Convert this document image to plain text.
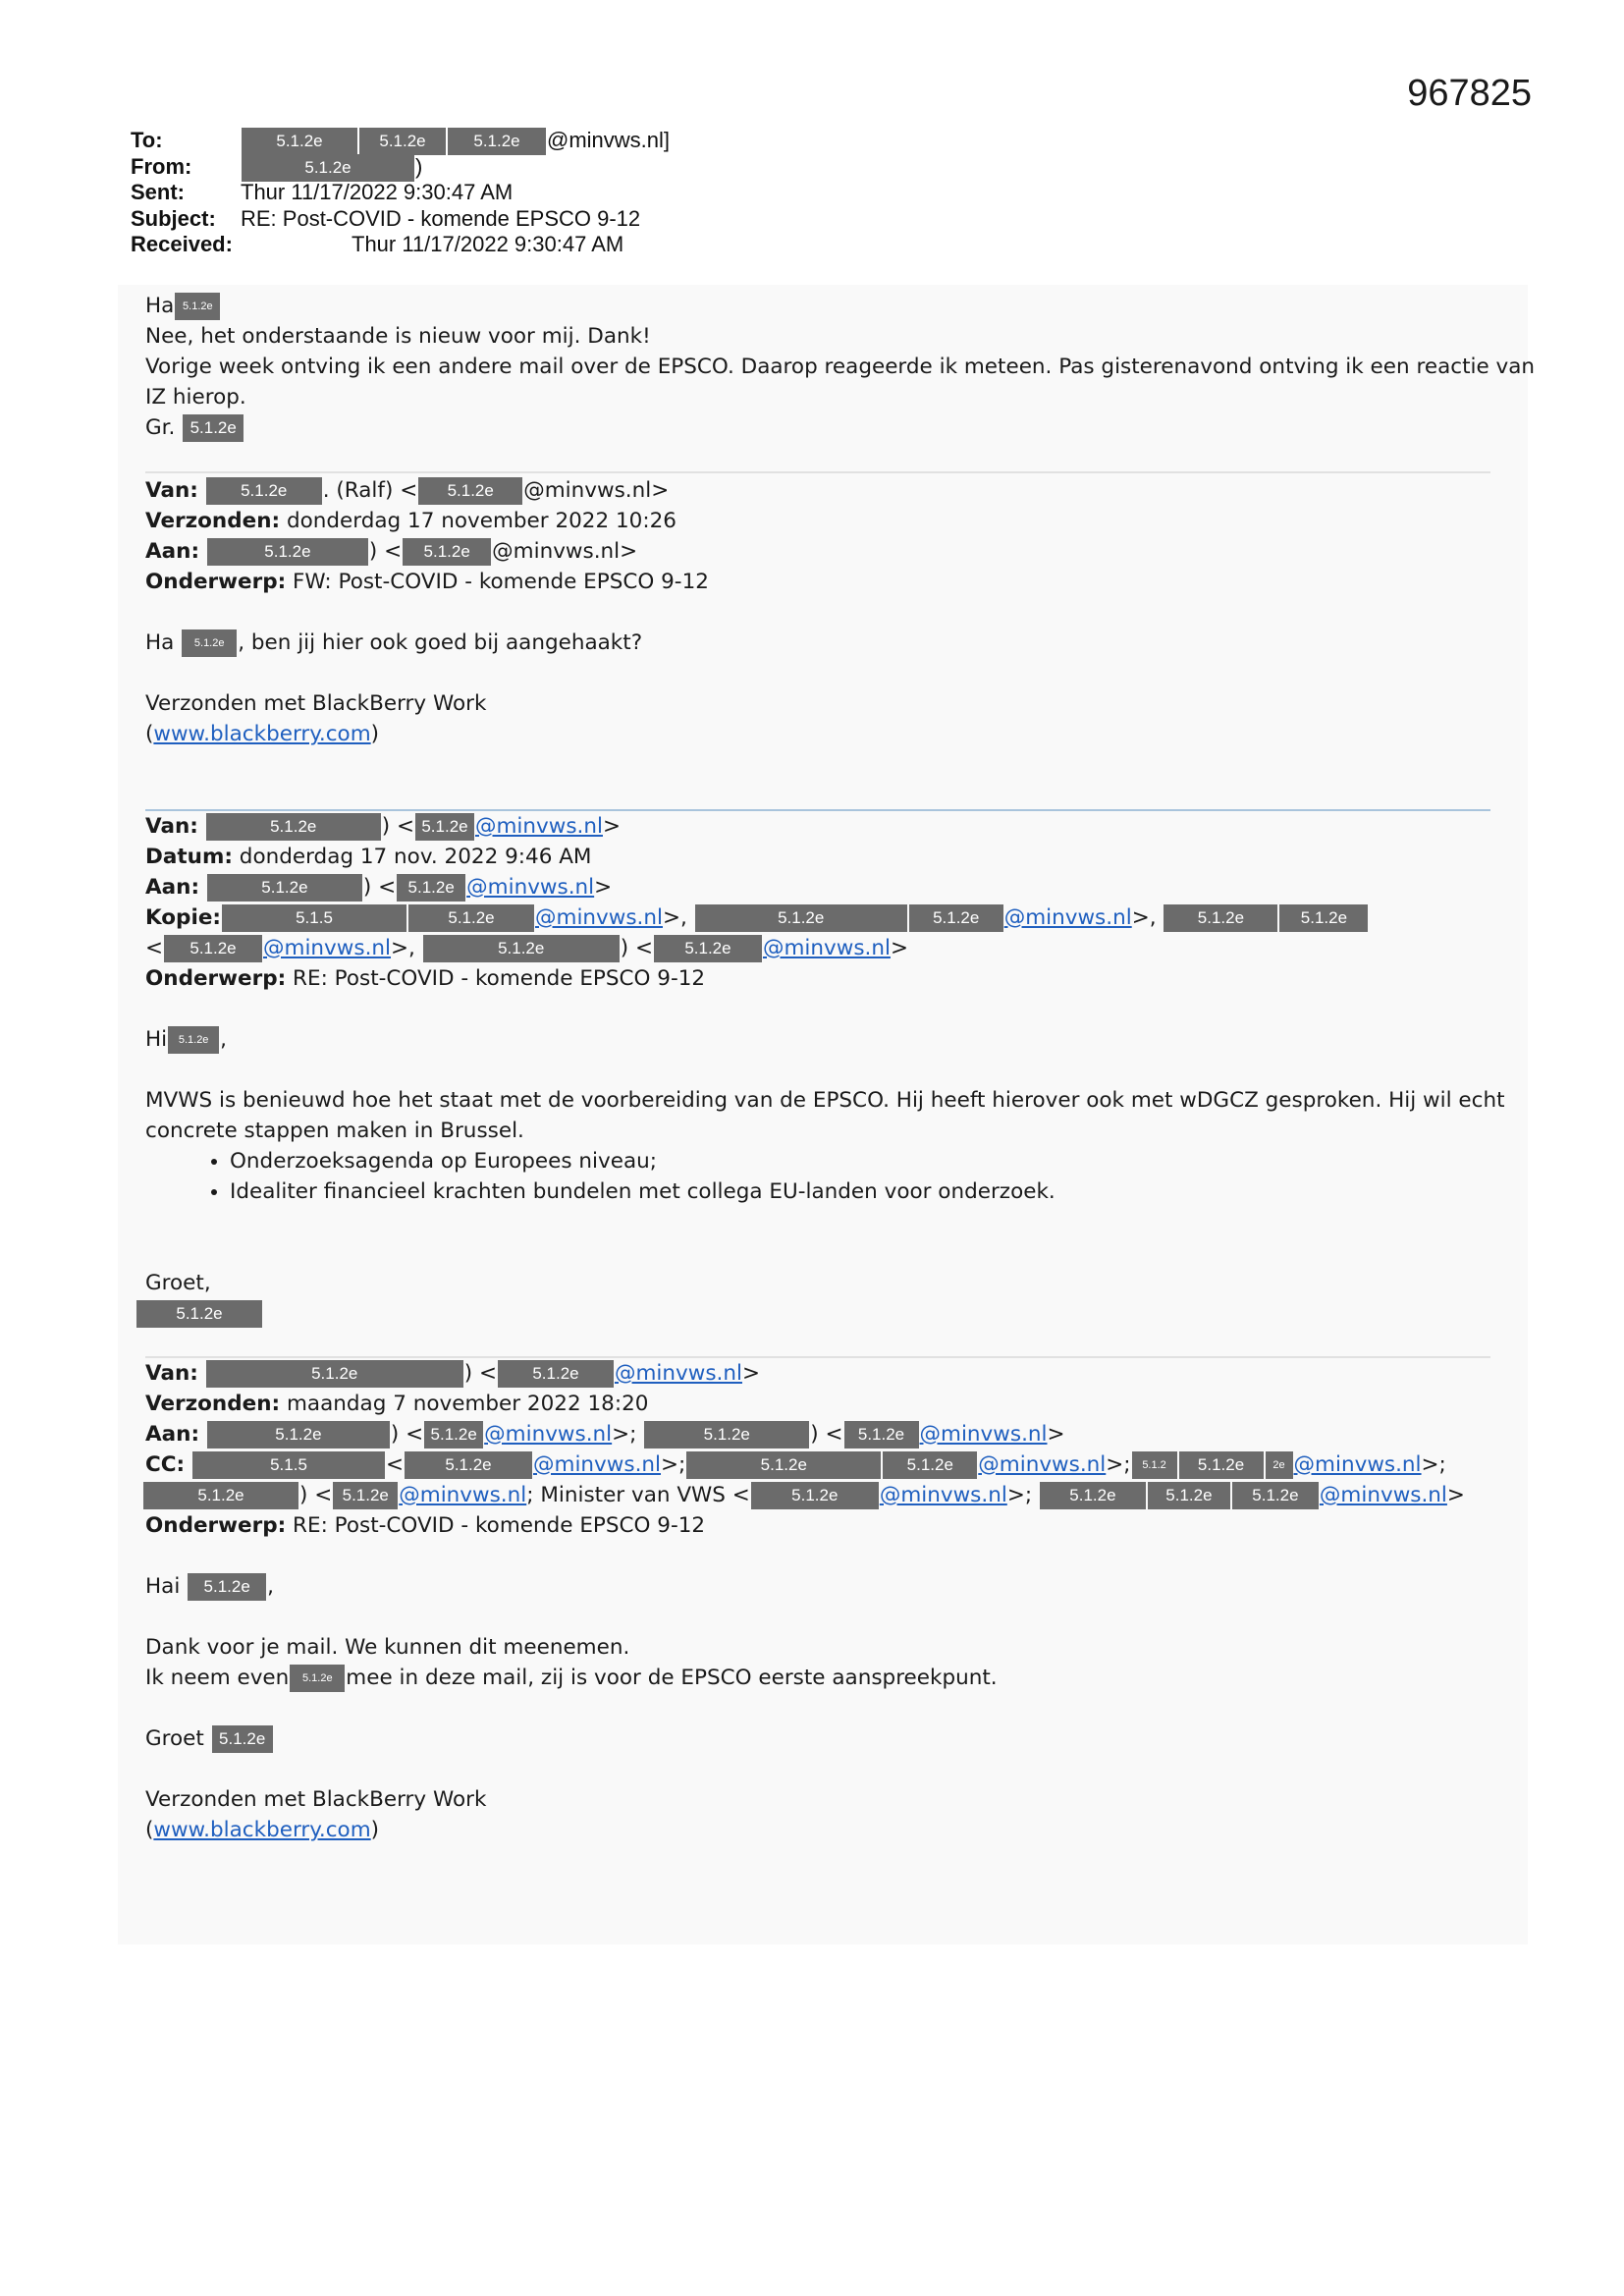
967825
To:	5.1.2e	5.1.2e	5.1.2e @minvws.nl]
From:	5.1.2e	)
Sent:	Thur 11/17/2022 9:30:47 AM
Subject: RE: Post-COVID - komende EPSCO 9-12
Received:	Thur 11/17/2022 9:30:47 AM
Ha 5.1.2e
Nee, het onderstaande is nieuw voor mij. Dank!
Vorige week ontving ik een andere mail over de EPSCO. Daarop reageerde ik meteen. Pas gisterenavond ontving ik een reactie van
IZ hierop.
Gr. 5.1.2e
Van:	5.1.2e . (Ralf) < 5.1.2e @minvws.nl>
Verzonden: donderdag 17 november 2022 10:26
Aan:	5.1.2e	) < 5.1.2e @minvws.nl>
Onderwerp: FW: Post-COVID - komende EPSCO 9-12
Ha 5.1.2e , ben jij hier ook goed bij aangehaakt?
Verzonden met BlackBerry Work
(www.blackberry.com)
Van:	5.1.2e	) < 5.1.2e @minvws.nl>
Datum: donderdag 17 nov. 2022 9:46 AM
Aan:	5.1.2e	) < 5.1.2e @minvws.nl>
Kopie:	5.1.5	5.1.2e @minvws.nl>,	5.1.2e	5.1.2e @minvws.nl>, 5.1.2e	5.1.2e
< 5.1.2e @minvws.nl>,	5.1.2e	) < 5.1.2e @minvws.nl>
Onderwerp: RE: Post-COVID - komende EPSCO 9-12
Hi 5.1.2e ,
MVWS is benieuwd hoe het staat met de voorbereiding van de EPSCO. Hij heeft hierover ook met wDGCZ gesproken. Hij wil echt
concrete stappen maken in Brussel.
• Onderzoeksagenda op Europees niveau;
• Idealiter financieel krachten bundelen met collega EU-landen voor onderzoek.
Groet,
5.1.2e
Van:	5.1.2e	) < 5.1.2e @minvws.nl>
Verzonden: maandag 7 november 2022 18:20
Aan:	5.1.2e	) < 5.1.2e @minvws.nl>;	5.1.2e	) < 5.1.2e @minvws.nl>
CC:	5.1.5	< 5.1.2e @minvws.nl>;	5.1.2e	5.1.2e @minvws.nl>; 5.1.2 5.1.2e	2e @minvws.nl>;
5.1.2e	) < 5.1.2e @minvws.nl; Minister van VWS < 5.1.2e @minvws.nl>; 5.1.2e	5.1.2e 5.1.2e @minvws.nl>
Onderwerp: RE: Post-COVID - komende EPSCO 9-12
Hai 5.1.2e ,
Dank voor je mail. We kunnen dit meenemen.
Ik neem even 5.1.2e mee in deze mail, zij is voor de EPSCO eerste aanspreekpunt.
Groet 5.1.2e
Verzonden met BlackBerry Work
(www.blackberry.com)
